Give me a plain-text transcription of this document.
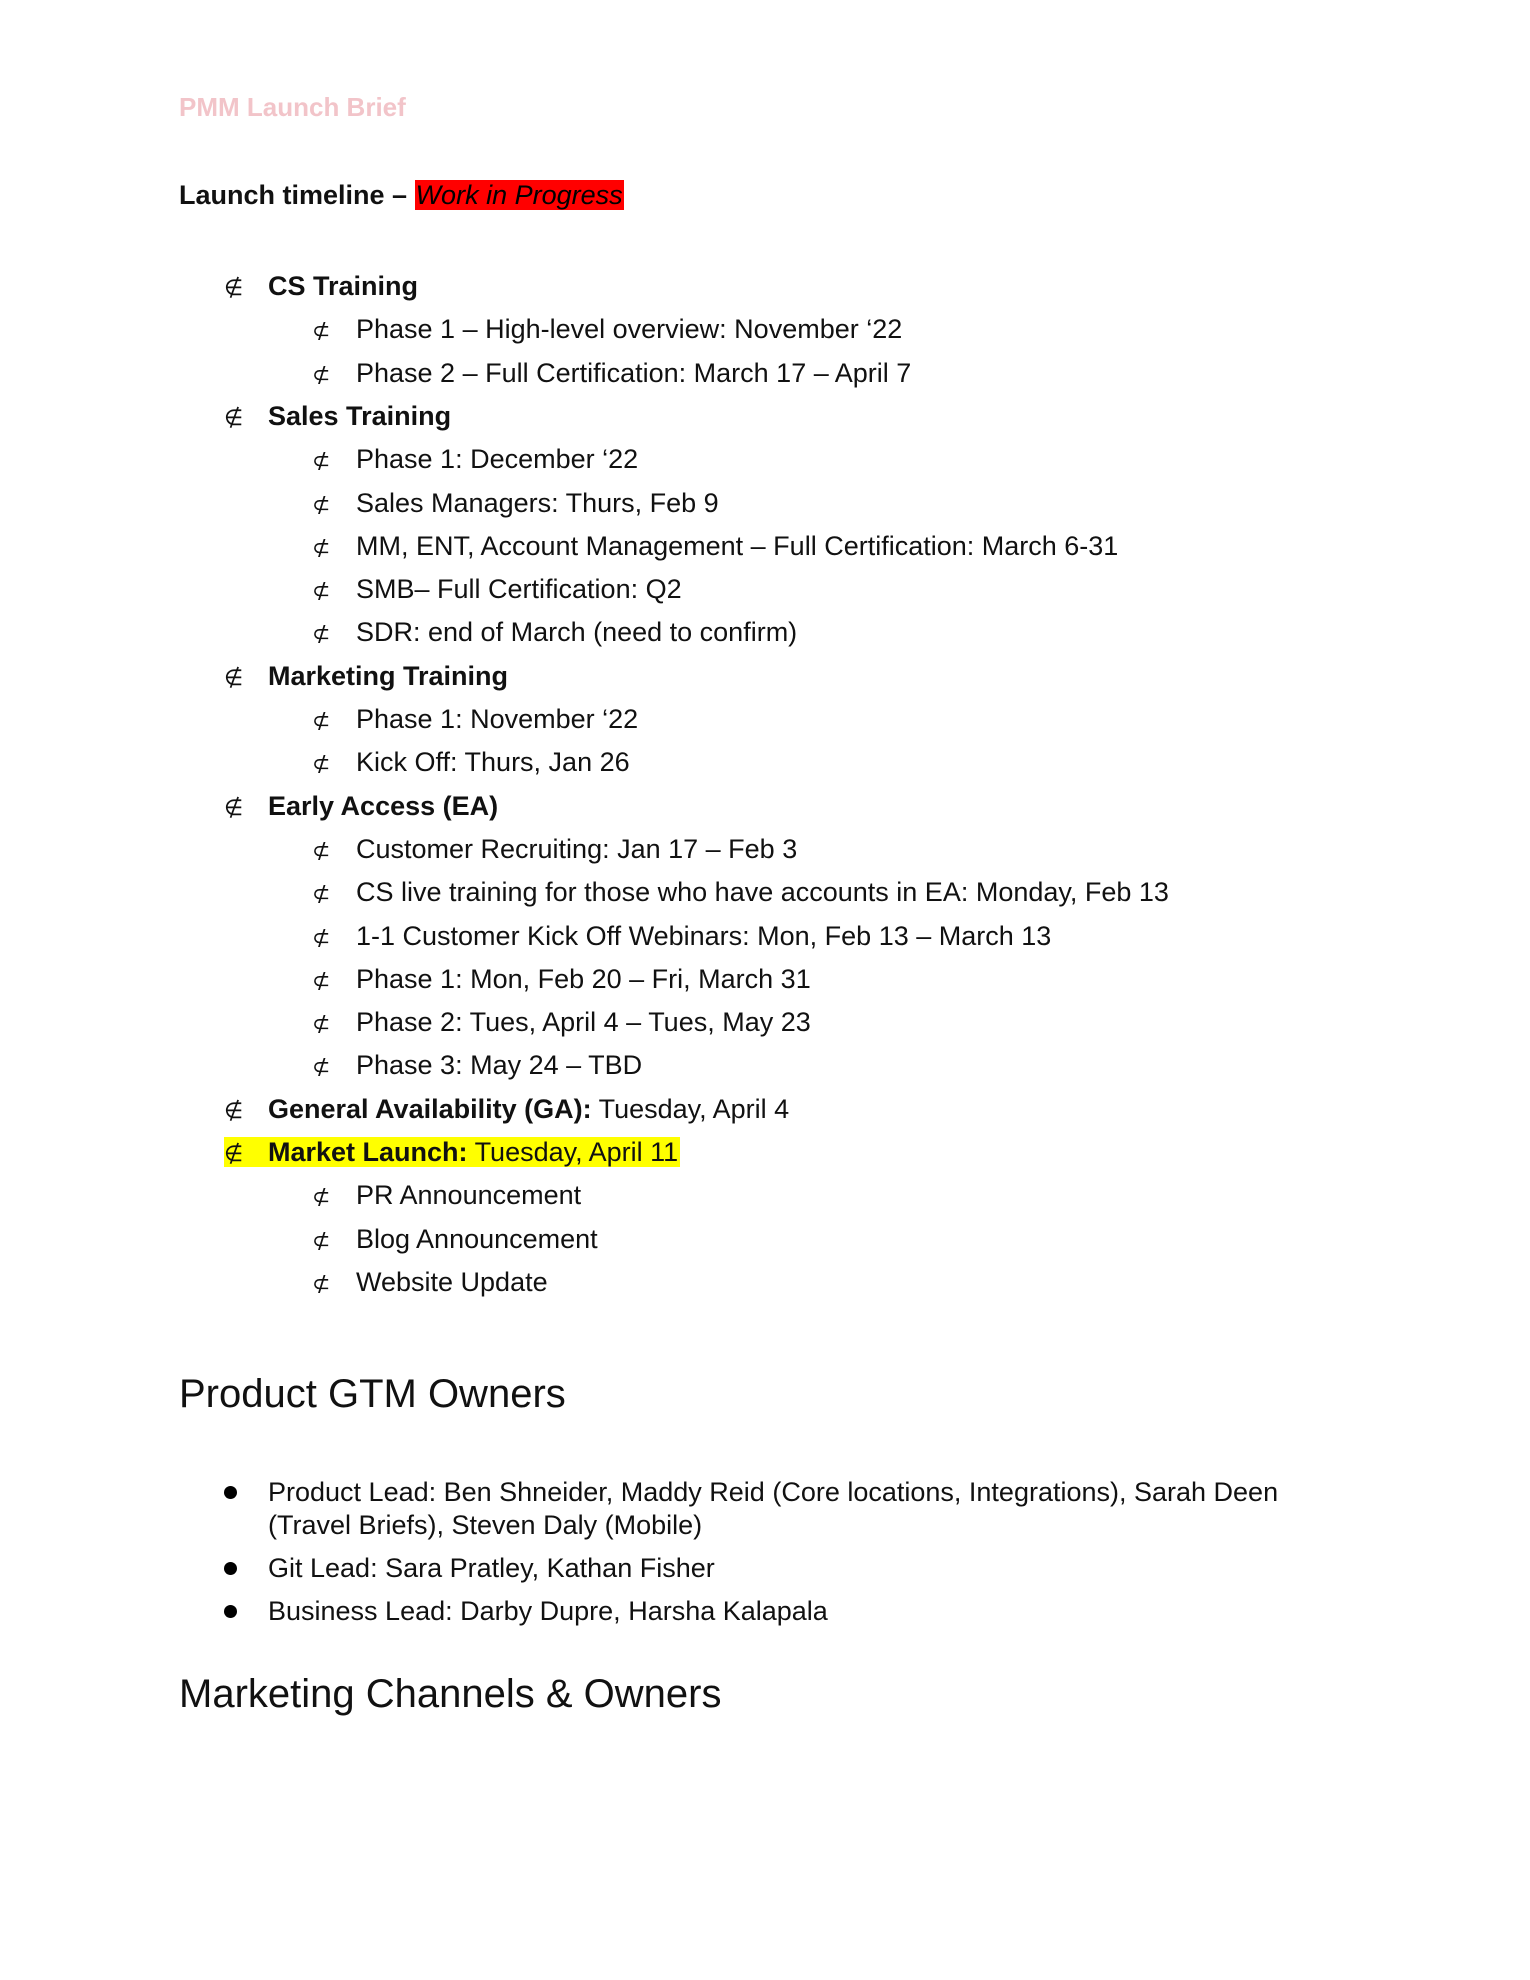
PMM Launch Brief
Launch timeline – Work in Progress
∉ CS Training
⊄ Phase 1 – High-level overview: November ‘22
⊄ Phase 2 – Full Certification: March 17 – April 7
∉ Sales Training
⊄ Phase 1: December ‘22
⊄ Sales Managers: Thurs, Feb 9
⊄ MM, ENT, Account Management – Full Certification: March 6-31
⊄ SMB– Full Certification: Q2
⊄ SDR: end of March (need to confirm)
∉ Marketing Training
⊄ Phase 1: November ‘22
⊄ Kick Off: Thurs, Jan 26
∉ Early Access (EA)
⊄ Customer Recruiting: Jan 17 – Feb 3
⊄ CS live training for those who have accounts in EA: Monday, Feb 13
⊄ 1-1 Customer Kick Off Webinars: Mon, Feb 13 – March 13
⊄ Phase 1: Mon, Feb 20 – Fri, March 31
⊄ Phase 2: Tues, April 4 – Tues, May 23
⊄ Phase 3: May 24 – TBD
∉ General Availability (GA): Tuesday, April 4
∉ Market Launch: Tuesday, April 11
⊄ PR Announcement
⊄ Blog Announcement
⊄ Website Update
Product GTM Owners
Product Lead: Ben Shneider, Maddy Reid (Core locations, Integrations), Sarah Deen (Travel Briefs), Steven Daly (Mobile)
Git Lead: Sara Pratley, Kathan Fisher
Business Lead: Darby Dupre, Harsha Kalapala
Marketing Channels & Owners
